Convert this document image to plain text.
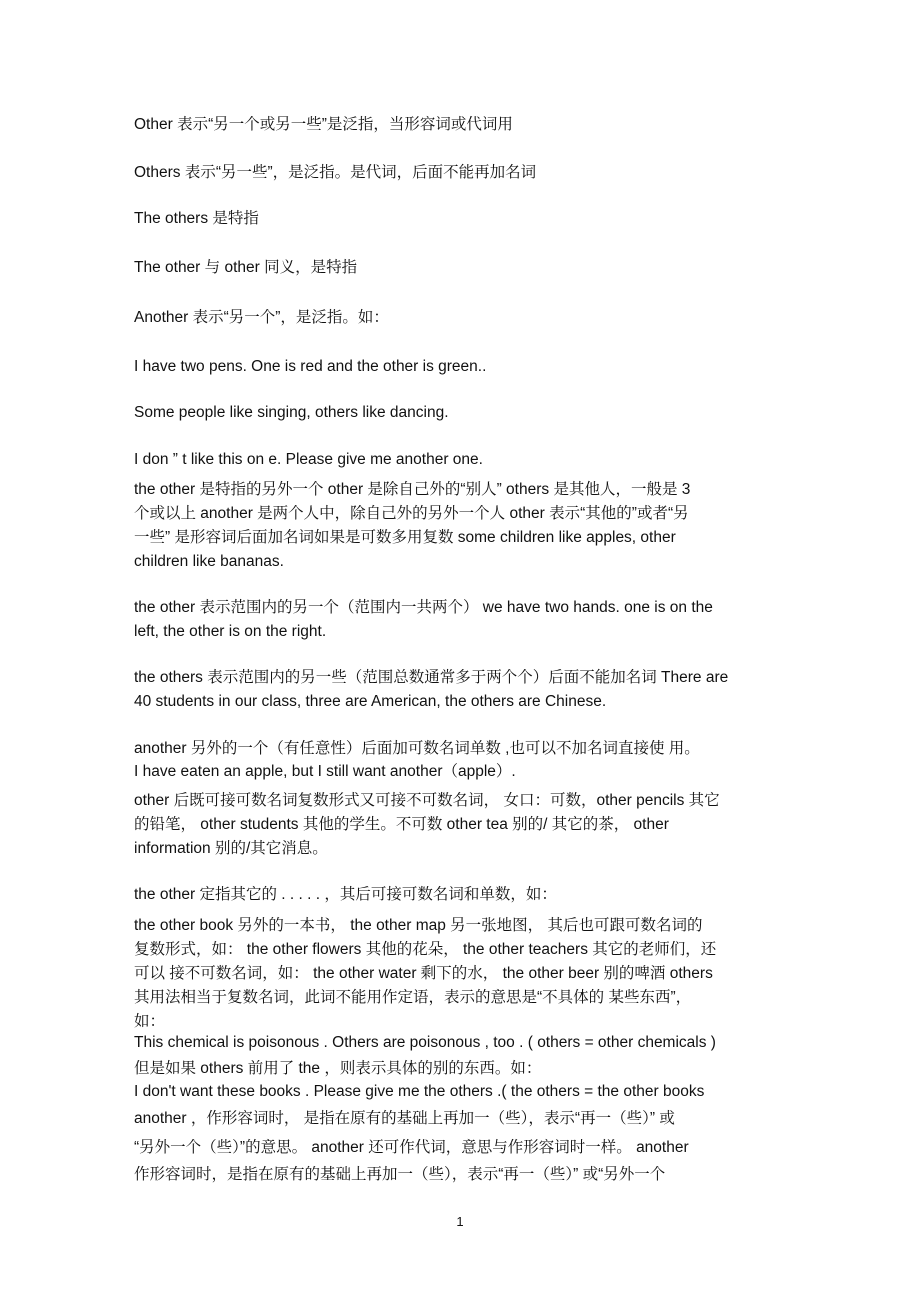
Other 表示“另一个或另一些”是泛指，当形容词或代词用
Others 表示“另一些”，是泛指。是代词，后面不能再加名词
The others 是特指
The other 与 other 同义，是特指
Another 表示“另一个”，是泛指。如：
I have two pens. One is red and the other is green..
Some people like singing, others like dancing.
I don ” t like this on e. Please give me another one.
the other 是特指的另外一个 other 是除自己外的“别人” others 是其他人，一般是 3
个或以上 another 是两个人中，除自己外的另外一个人 other 表示“其他的”或者“另
一些” 是形容词后面加名词如果是可数多用复数 some children like apples, other
children like bananas.
the other 表示范围内的另一个（范围内一共两个） we have two hands. one is on the
left, the other is on the right.
the others 表示范围内的另一些（范围总数通常多于两个个）后面不能加名词 There are
40 students in our class, three are American, the others are Chinese.
another 另外的一个（有任意性）后面加可数名词单数 ,也可以不加名词直接使 用。
I have eaten an apple, but I still want another（apple）.
other 后既可接可数名词复数形式又可接不可数名词， 女口：可数，other pencils 其它
的铅笔， other students 其他的学生。不可数 other tea 别的/ 其它的茶， other
information 别的/其它消息。
the other 定指其它的 . . . . . ，其后可接可数名词和单数，如：
the other book 另外的一本书， the other map 另一张地图， 其后也可跟可数名词的
复数形式，如： the other flowers 其他的花朵， the other teachers 其它的老师们，还
可以 接不可数名词，如： the other water 剩下的水， the other beer 别的啤酒 others
其用法相当于复数名词，此词不能用作定语，表示的意思是“不具体的 某些东西”，
如：
This chemical is poisonous . Others are poisonous , too . ( others = other chemicals )
但是如果 others 前用了 the ，则表示具体的别的东西。如：
I don't want these books . Please give me the others .( the others = the other books
another ，作形容词时， 是指在原有的基础上再加一（些），表示“再一（些）” 或
“另外一个（些）”的意思。 another 还可作代词，意思与作形容词时一样。 another
作形容词时，是指在原有的基础上再加一（些），表示“再一（些）” 或“另外一个
1
